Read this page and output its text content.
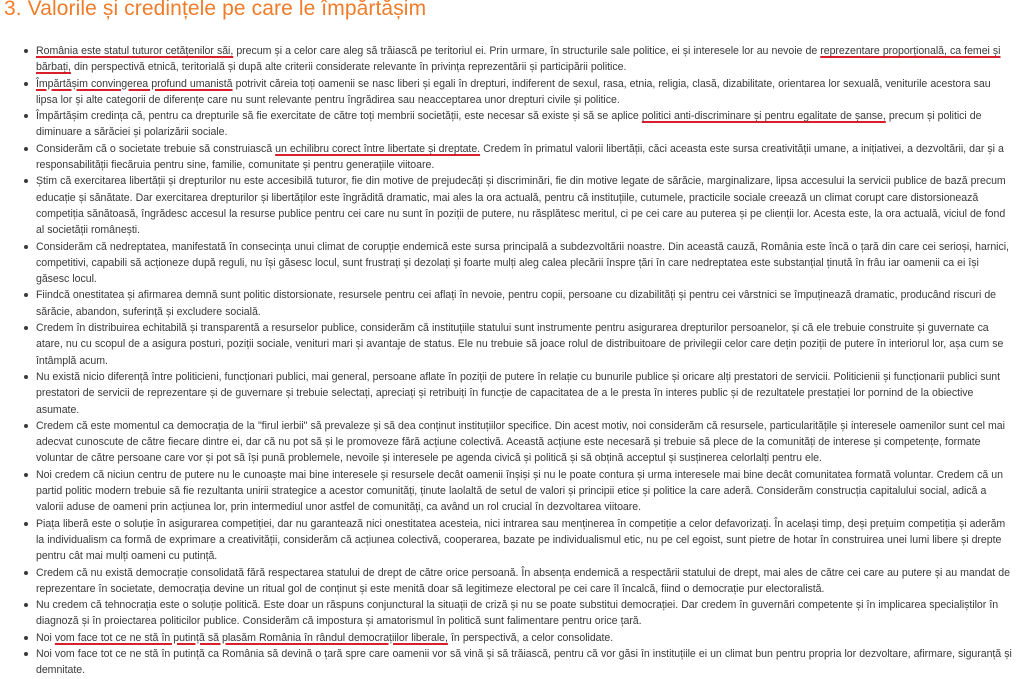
3. Valorile și credințele pe care le împărtășim
România este statul tuturor cetățenilor săi, precum și a celor care aleg să trăiască pe teritoriul ei. Prin urmare, în structurile sale politice, ei și interesele lor au nevoie de reprezentare proporțională, ca femei și bărbați, din perspectivă etnică, teritorială și după alte criterii considerate relevante în privința reprezentării și participării politice.
Împărtășim convingerea profund umanistă potrivit căreia toți oamenii se nasc liberi și egali în drepturi, indiferent de sexul, rasa, etnia, religia, clasă, dizabilitate, orientarea lor sexuală, veniturile acestora sau lipsa lor și alte categorii de diferențe care nu sunt relevante pentru îngrădirea sau neacceptarea unor drepturi civile și politice.
Împărtășim credința că, pentru ca drepturile să fie exercitate de către toți membrii societății, este necesar să existe și să se aplice politici anti-discriminare și pentru egalitate de șanse, precum și politici de diminuare a sărăciei și polarizării sociale.
Considerăm că o societate trebuie să construiască un echilibru corect între libertate și dreptate. Credem în primatul valorii libertății, căci aceasta este sursa creativității umane, a inițiativei, a dezvoltării, dar și a responsabilității fiecăruia pentru sine, familie, comunitate și pentru generațiile viitoare.
Știm că exercitarea libertății și drepturilor nu este accesibilă tuturor, fie din motive de prejudecăți și discriminări, fie din motive legate de sărăcie, marginalizare, lipsa accesului la servicii publice de bază precum educație și sănătate. Dar exercitarea drepturilor și libertăților este îngrădită dramatic, mai ales la ora actuală, pentru că instituțiile, cutumele, practicile sociale creează un climat corupt care distorsionează competiția sănătoasă, îngrădesc accesul la resurse publice pentru cei care nu sunt în poziții de putere, nu răsplătesc meritul, ci pe cei care au puterea și pe clienții lor. Acesta este, la ora actuală, viciul de fond al societății românești.
Considerăm că nedreptatea, manifestată în consecința unui climat de corupție endemică este sursa principală a subdezvoltării noastre. Din această cauză, România este încă o țară din care cei serioși, harnici, competitivi, capabili să acționeze după reguli, nu își găsesc locul, sunt frustrați și dezolați și foarte mulți aleg calea plecării înspre țări în care nedreptatea este substanțial ținută în frâu iar oamenii ca ei își găsesc locul.
Fiindcă onestitatea și afirmarea demnă sunt politic distorsionate, resursele pentru cei aflați în nevoie, pentru copii, persoane cu dizabilități și pentru cei vârstnici se împuținează dramatic, producând riscuri de sărăcie, abandon, suferință și excludere socială.
Credem în distribuirea echitabilă și transparentă a resurselor publice, considerăm că instituțiile statului sunt instrumente pentru asigurarea drepturilor persoanelor, și că ele trebuie construite și guvernate ca atare, nu cu scopul de a asigura posturi, poziții sociale, venituri mari și avantaje de status. Ele nu trebuie să joace rolul de distribuitoare de privilegii celor care dețin poziții de putere în interiorul lor, așa cum se întâmplă acum.
Nu există nicio diferență între politicieni, funcționari publici, mai general, persoane aflate în poziții de putere în relație cu bunurile publice și oricare alți prestatori de servicii. Politicienii și funcționarii publici sunt prestatori de servicii de reprezentare și de guvernare și trebuie selectați, apreciați și retribuiți în funcție de capacitatea de a le presta în interes public și de rezultatele prestației lor pornind de la obiective asumate.
Credem că este momentul ca democrația de la "firul ierbii" să prevaleze și să dea conținut instituțiilor specifice. Din acest motiv, noi considerăm că resursele, particularitățile și interesele oamenilor sunt cel mai adecvat cunoscute de către fiecare dintre ei, dar că nu pot să și le promoveze fără acțiune colectivă. Această acțiune este necesară și trebuie să plece de la comunități de interese și competențe, formate voluntar de către persoane care vor și pot să își pună problemele, nevoile și interesele pe agenda civică și politică și să obțină acceptul și susținerea celorlalți pentru ele.
Noi credem că niciun centru de putere nu le cunoaște mai bine interesele și resursele decât oamenii înșiși și nu le poate contura și urma interesele mai bine decât comunitatea formată voluntar. Credem că un partid politic modern trebuie să fie rezultanta unirii strategice a acestor comunități, ținute laolaltă de setul de valori și principii etice și politice la care aderă. Considerăm construcția capitalului social, adică a valorii aduse de oameni prin acțiunea lor, prin intermediul unor astfel de comunități, ca având un rol crucial în dezvoltarea viitoare.
Piața liberă este o soluție în asigurarea competiției, dar nu garantează nici onestitatea acesteia, nici intrarea sau menținerea în competiție a celor defavorizați. În același timp, deși prețuim competiția și aderăm la individualism ca formă de exprimare a creativității, considerăm că acțiunea colectivă, cooperarea, bazate pe individualismul etic, nu pe cel egoist, sunt pietre de hotar în construirea unei lumi libere și drepte pentru cât mai mulți oameni cu putință.
Credem că nu există democrație consolidată fără respectarea statului de drept de către orice persoană. În absența endemică a respectării statului de drept, mai ales de către cei care au putere și au mandat de reprezentare în societate, democrația devine un ritual gol de conținut și este menită doar să legitimeze electoral pe cei care îl încalcă, fiind o democrație pur electoralistă.
Nu credem că tehnocrația este o soluție politică. Este doar un răspuns conjunctural la situații de criză și nu se poate substitui democrației. Dar credem în guvernări competente și în implicarea specialiștilor în diagnoză și în proiectarea politicilor publice. Considerăm că impostura și amatorismul în politică sunt falimentare pentru orice țară.
Noi vom face tot ce ne stă în putință să plasăm România în rândul democrațiilor liberale, în perspectivă, a celor consolidate.
Noi vom face tot ce ne stă în putință ca România să devină o țară spre care oamenii vor să vină și să trăiască, pentru că vor găsi în instituțiile ei un climat bun pentru propria lor dezvoltare, afirmare, siguranță și demnitate.
